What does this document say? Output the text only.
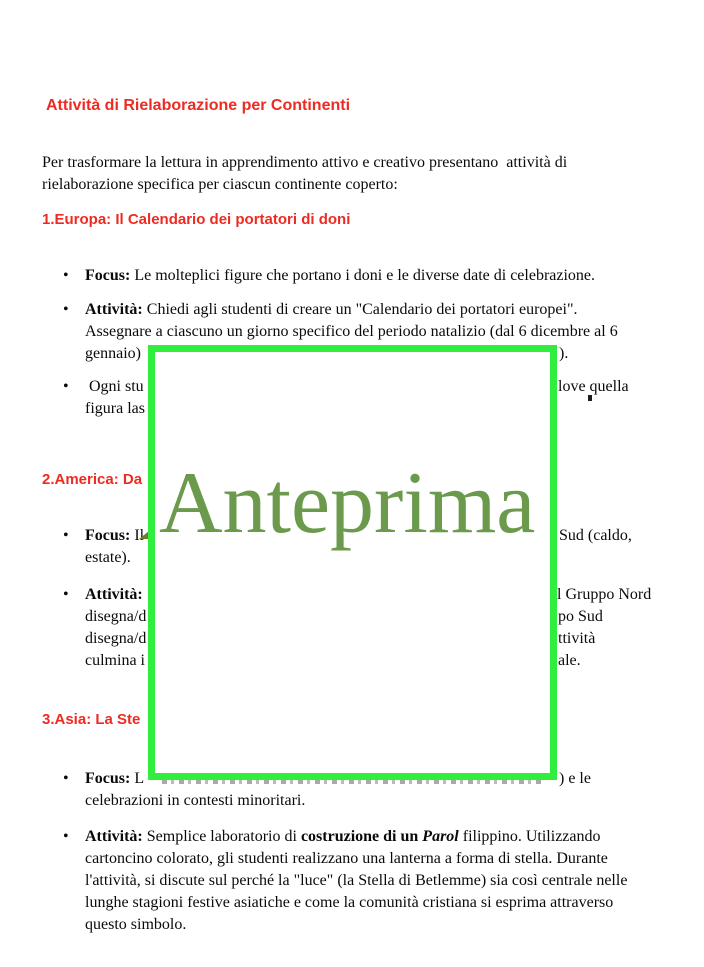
Attività di Rielaborazione per Continenti
Per trasformare la lettura in apprendimento attivo e creativo presentano  attività di
rielaborazione specifica per ciascun continente coperto:
1.Europa: Il Calendario dei portatori di doni
• Focus: Le molteplici figure che portano i doni e le diverse date di celebrazione.
• Attività: Chiedi agli studenti di creare un "Calendario dei portatori europei".
Assegnare a ciascuno un giorno specifico del periodo natalizio (dal 6 dicembre al 6
gennaio)	).
• Ogni stu
figura las
love quella
2.America: Da
• Focus: Il
estate).
Sud (caldo,
• Attività:
disegna/d
disegna/d
culmina i
l Gruppo Nord
po Sud
ttività
ale.
3.Asia: La Ste
• Focus: L
celebrazioni in contesti minoritari.
) e le
• Attività: Semplice laboratorio di costruzione di un Parol filippino. Utilizzando
cartoncino colorato, gli studenti realizzano una lanterna a forma di stella. Durante
l'attività, si discute sul perché la "luce" (la Stella di Betlemme) sia così centrale nelle
lunghe stagioni festive asiatiche e come la comunità cristiana si esprima attraverso
questo simbolo.
Anteprima
